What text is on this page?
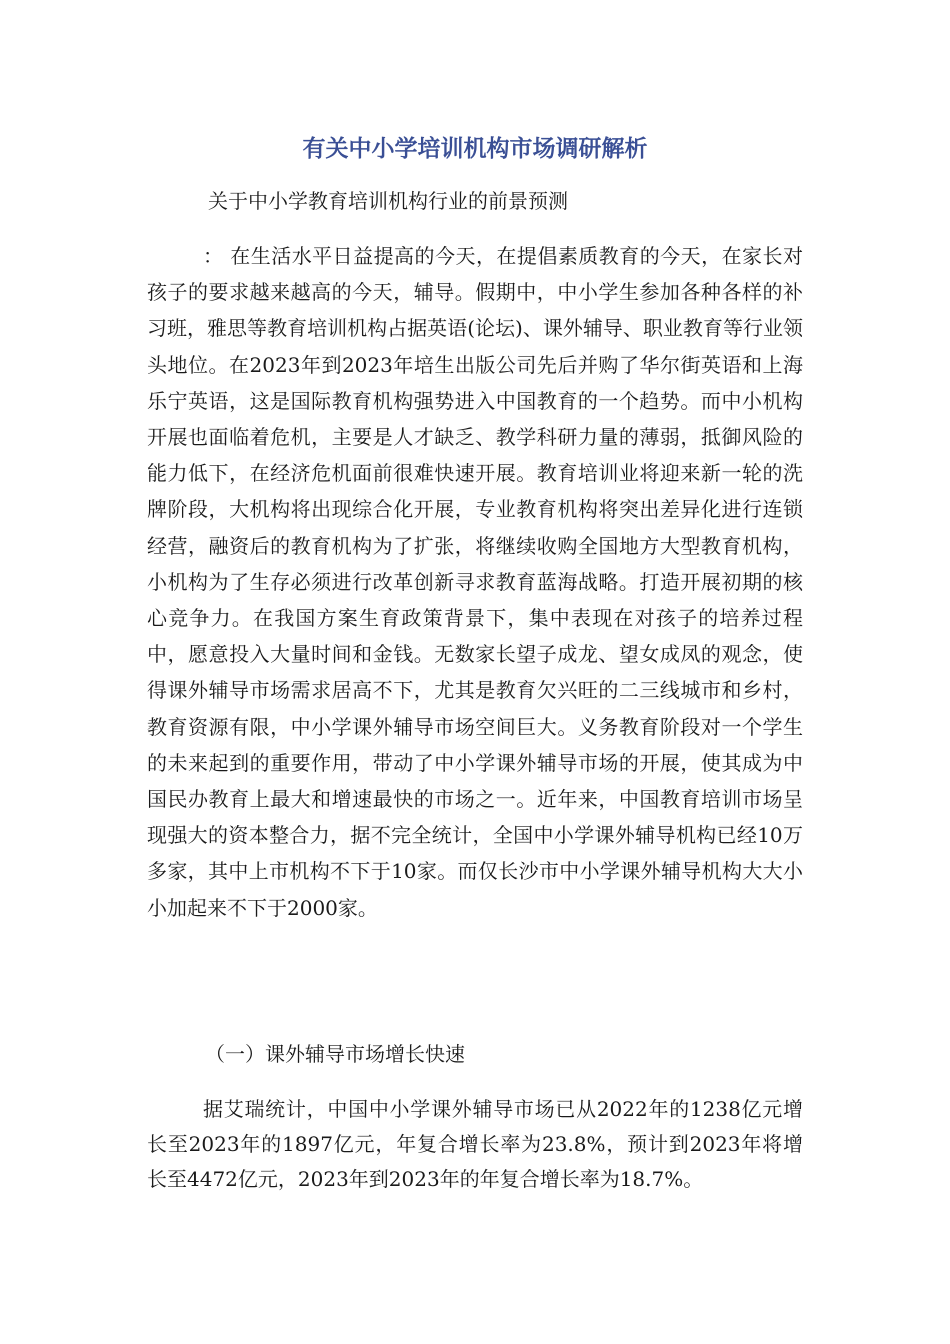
有关中小学培训机构市场调研解析

关于中小学教育培训机构行业的前景预测

： 在生活水平日益提高的今天，在提倡素质教育的今天，在家长对孩子的要求越来越高的今天，辅导。假期中，中小学生参加各种各样的补习班，雅思等教育培训机构占据英语(论坛)、课外辅导、职业教育等行业领头地位。在2023年到2023年培生出版公司先后并购了华尔街英语和上海乐宁英语，这是国际教育机构强势进入中国教育的一个趋势。而中小机构开展也面临着危机，主要是人才缺乏、教学科研力量的薄弱，抵御风险的能力低下，在经济危机面前很难快速开展。教育培训业将迎来新一轮的洗牌阶段，大机构将出现综合化开展，专业教育机构将突出差异化进行连锁经营，融资后的教育机构为了扩张，将继续收购全国地方大型教育机构，小机构为了生存必须进行改革创新寻求教育蓝海战略。打造开展初期的核心竞争力。在我国方案生育政策背景下，集中表现在对孩子的培养过程中，愿意投入大量时间和金钱。无数家长望子成龙、望女成凤的观念，使得课外辅导市场需求居高不下，尤其是教育欠兴旺的二三线城市和乡村，教育资源有限，中小学课外辅导市场空间巨大。义务教育阶段对一个学生的未来起到的重要作用，带动了中小学课外辅导市场的开展，使其成为中国民办教育上最大和增速最快的市场之一。近年来，中国教育培训市场呈现强大的资本整合力，据不完全统计，全国中小学课外辅导机构已经10万多家，其中上市机构不下于10家。而仅长沙市中小学课外辅导机构大大小小加起来不下于2000家。

（一）课外辅导市场增长快速

据艾瑞统计，中国中小学课外辅导市场已从2022年的1238亿元增长至2023年的1897亿元，年复合增长率为23.8%，预计到2023年将增长至4472亿元，2023年到2023年的年复合增长率为18.7%。
